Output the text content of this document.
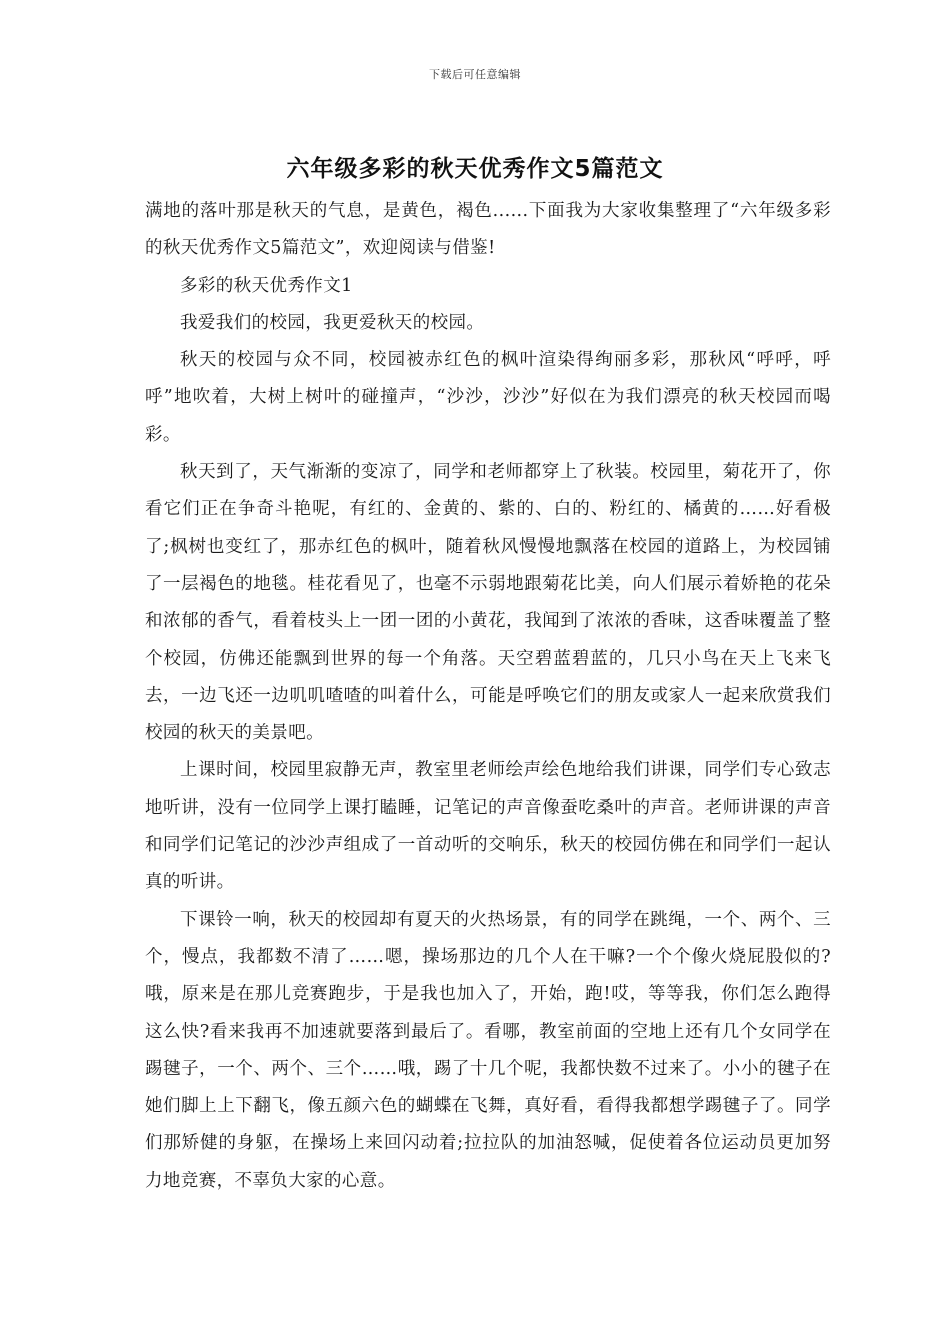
下载后可任意编辑
六年级多彩的秋天优秀作文5篇范文

满地的落叶那是秋天的气息，是黄色，褐色......下面我为大家收集整理了“六年级多彩的秋天优秀作文5篇范文”，欢迎阅读与借鉴!

多彩的秋天优秀作文1

我爱我们的校园，我更爱秋天的校园。

秋天的校园与众不同，校园被赤红色的枫叶渲染得绚丽多彩，那秋风“呼呼，呼呼”地吹着，大树上树叶的碰撞声，“沙沙，沙沙”好似在为我们漂亮的秋天校园而喝彩。

秋天到了，天气渐渐的变凉了，同学和老师都穿上了秋装。校园里，菊花开了，你看它们正在争奇斗艳呢，有红的、金黄的、紫的、白的、粉红的、橘黄的……好看极了;枫树也变红了，那赤红色的枫叶，随着秋风慢慢地飘落在校园的道路上，为校园铺了一层褐色的地毯。桂花看见了，也毫不示弱地跟菊花比美，向人们展示着娇艳的花朵和浓郁的香气，看着枝头上一团一团的小黄花，我闻到了浓浓的香味，这香味覆盖了整个校园，仿佛还能飘到世界的每一个角落。天空碧蓝碧蓝的，几只小鸟在天上飞来飞去，一边飞还一边叽叽喳喳的叫着什么，可能是呼唤它们的朋友或家人一起来欣赏我们校园的秋天的美景吧。

上课时间，校园里寂静无声，教室里老师绘声绘色地给我们讲课，同学们专心致志地听讲，没有一位同学上课打瞌睡，记笔记的声音像蚕吃桑叶的声音。老师讲课的声音和同学们记笔记的沙沙声组成了一首动听的交响乐，秋天的校园仿佛在和同学们一起认真的听讲。

下课铃一响，秋天的校园却有夏天的火热场景，有的同学在跳绳，一个、两个、三个，慢点，我都数不清了……嗯，操场那边的几个人在干嘛?一个个像火烧屁股似的?哦，原来是在那儿竞赛跑步，于是我也加入了，开始，跑!哎，等等我，你们怎么跑得这么快?看来我再不加速就要落到最后了。看哪，教室前面的空地上还有几个女同学在踢毽子，一个、两个、三个……哦，踢了十几个呢，我都快数不过来了。小小的毽子在她们脚上上下翻飞，像五颜六色的蝴蝶在飞舞，真好看，看得我都想学踢毽子了。同学们那矫健的身躯，在操场上来回闪动着;拉拉队的加油怒喊，促使着各位运动员更加努力地竞赛，不辜负大家的心意。
